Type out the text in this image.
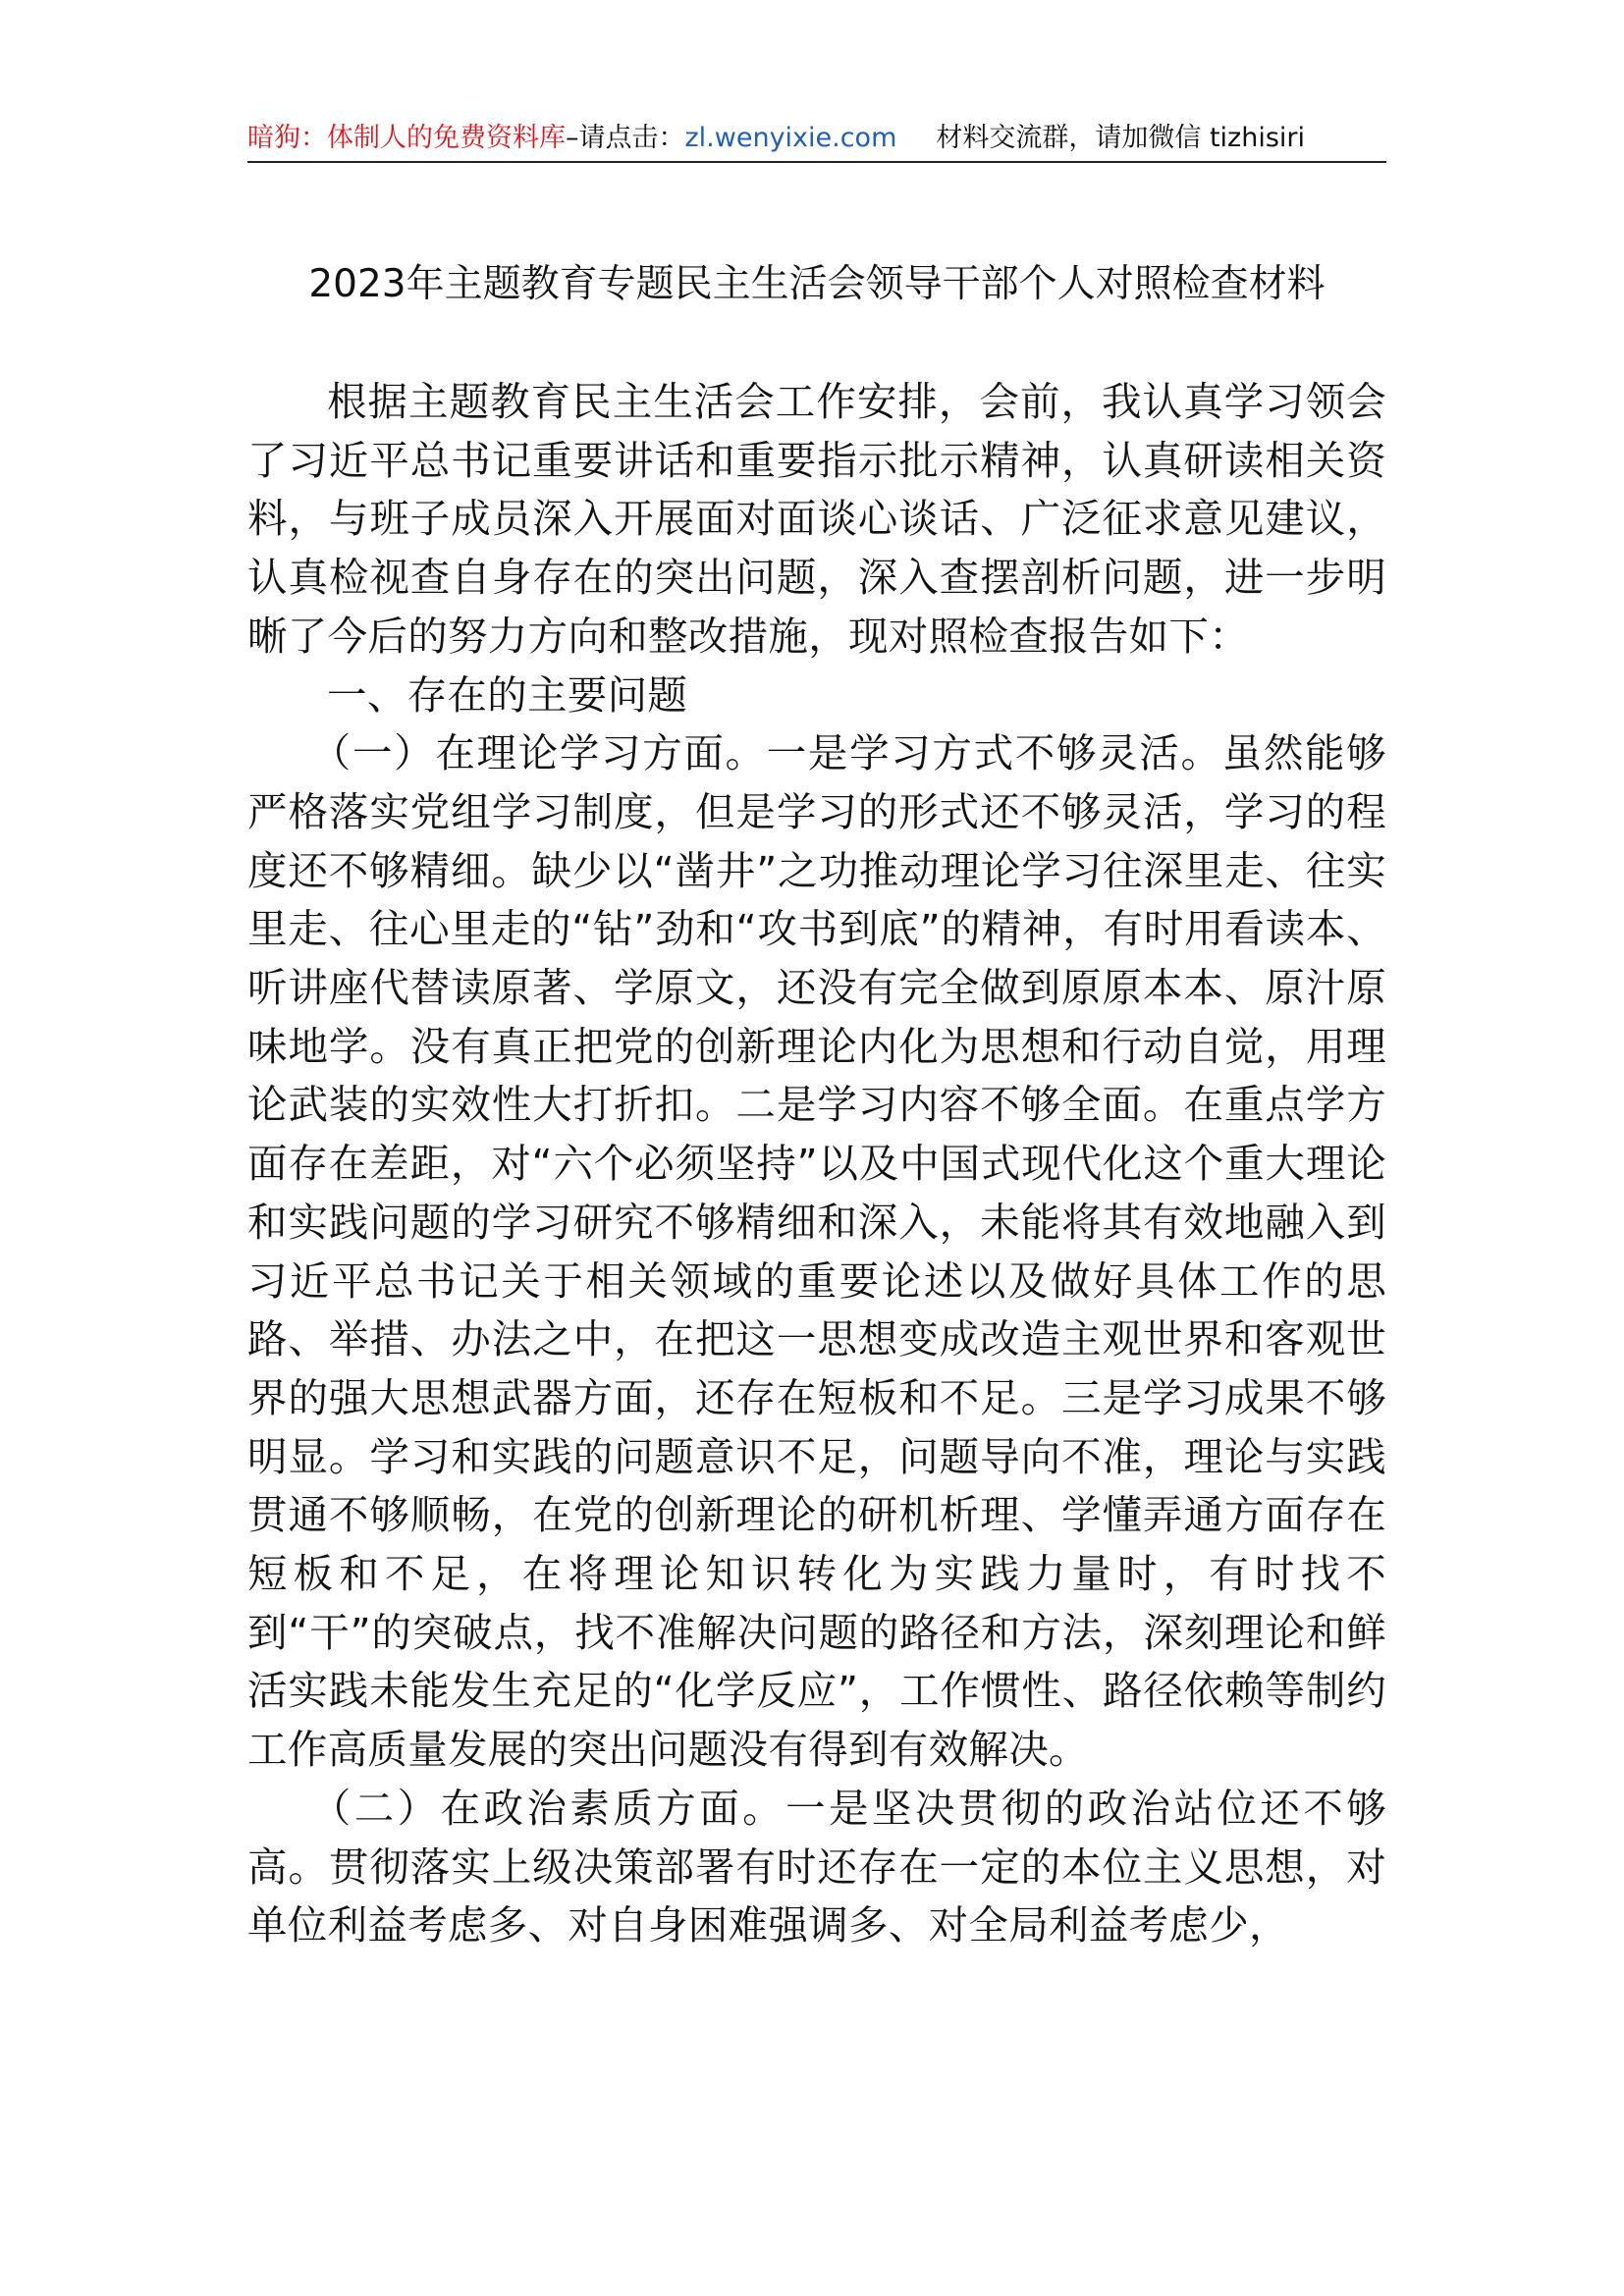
暗狗：体制人的免费资料库–请点击：zl.wenyixie.com 材料交流群，请加微信 tizhisiri
2023年主题教育专题民主生活会领导干部个人对照检查材料

根据主题教育民主生活会工作安排，会前，我认真学习领会了习近平总书记重要讲话和重要指示批示精神，认真研读相关资料，与班子成员深入开展面对面谈心谈话、广泛征求意见建议，认真检视查自身存在的突出问题，深入查摆剖析问题，进一步明晰了今后的努力方向和整改措施，现对照检查报告如下：

一、存在的主要问题

（一）在理论学习方面。一是学习方式不够灵活。虽然能够严格落实党组学习制度，但是学习的形式还不够灵活，学习的程度还不够精细。缺少以“凿井”之功推动理论学习往深里走、往实里走、往心里走的“钻”劲和“攻书到底”的精神，有时用看读本、听讲座代替读原著、学原文，还没有完全做到原原本本、原汁原味地学。没有真正把党的创新理论内化为思想和行动自觉，用理论武装的实效性大打折扣。二是学习内容不够全面。在重点学方面存在差距，对“六个必须坚持”以及中国式现代化这个重大理论和实践问题的学习研究不够精细和深入，未能将其有效地融入到习近平总书记关于相关领域的重要论述以及做好具体工作的思路、举措、办法之中，在把这一思想变成改造主观世界和客观世界的强大思想武器方面，还存在短板和不足。三是学习成果不够明显。学习和实践的问题意识不足，问题导向不准，理论与实践贯通不够顺畅，在党的创新理论的研机析理、学懂弄通方面存在短板和不足，在将理论知识转化为实践力量时，有时找不到“干”的突破点，找不准解决问题的路径和方法，深刻理论和鲜活实践未能发生充足的“化学反应”，工作惯性、路径依赖等制约工作高质量发展的突出问题没有得到有效解决。

（二）在政治素质方面。一是坚决贯彻的政治站位还不够高。贯彻落实上级决策部署有时还存在一定的本位主义思想，对单位利益考虑多、对自身困难强调多、对全局利益考虑少，
